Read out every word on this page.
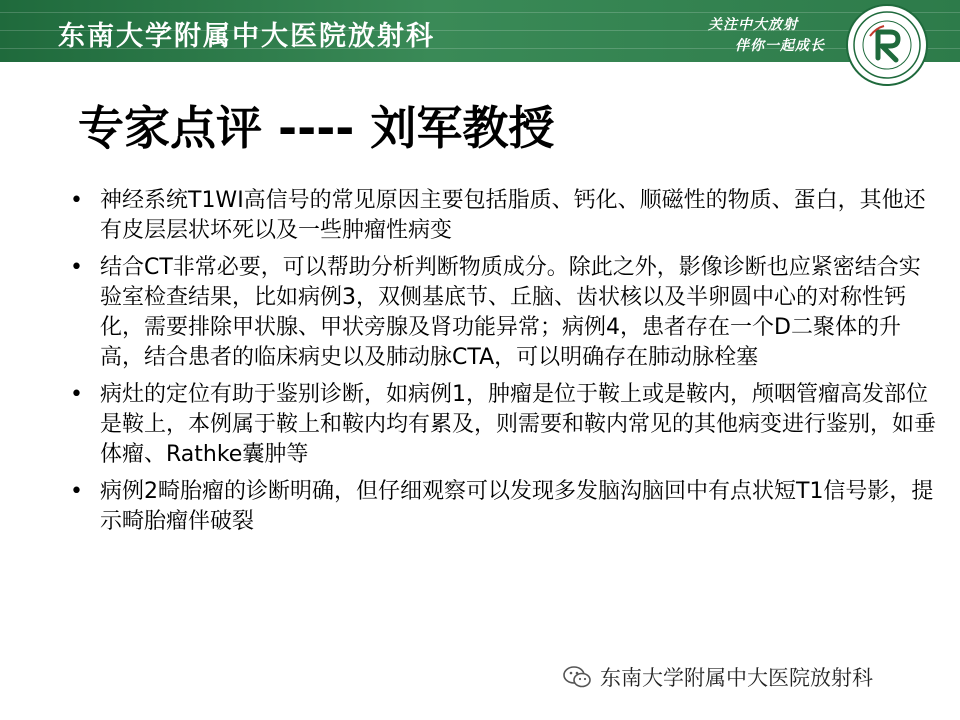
东南大学附属中大医院放射科	关注中大放射
伴你一起成长
专家点评 ---- 刘军教授
• 神经系统T1WI高信号的常见原因主要包括脂质、钙化、顺磁性的物质、蛋白，其他还有皮层层状坏死以及一些肿瘤性病变
• 结合CT非常必要，可以帮助分析判断物质成分。除此之外，影像诊断也应紧密结合实验室检查结果，比如病例3，双侧基底节、丘脑、齿状核以及半卵圆中心的对称性钙化，需要排除甲状腺、甲状旁腺及肾功能异常；病例4，患者存在一个D二聚体的升高，结合患者的临床病史以及肺动脉CTA，可以明确存在肺动脉栓塞
• 病灶的定位有助于鉴别诊断，如病例1，肿瘤是位于鞍上或是鞍内，颅咽管瘤高发部位是鞍上，本例属于鞍上和鞍内均有累及，则需要和鞍内常见的其他病变进行鉴别，如垂体瘤、Rathke囊肿等
• 病例2畸胎瘤的诊断明确，但仔细观察可以发现多发脑沟脑回中有点状短T1信号影，提示畸胎瘤伴破裂
东南大学附属中大医院放射科
